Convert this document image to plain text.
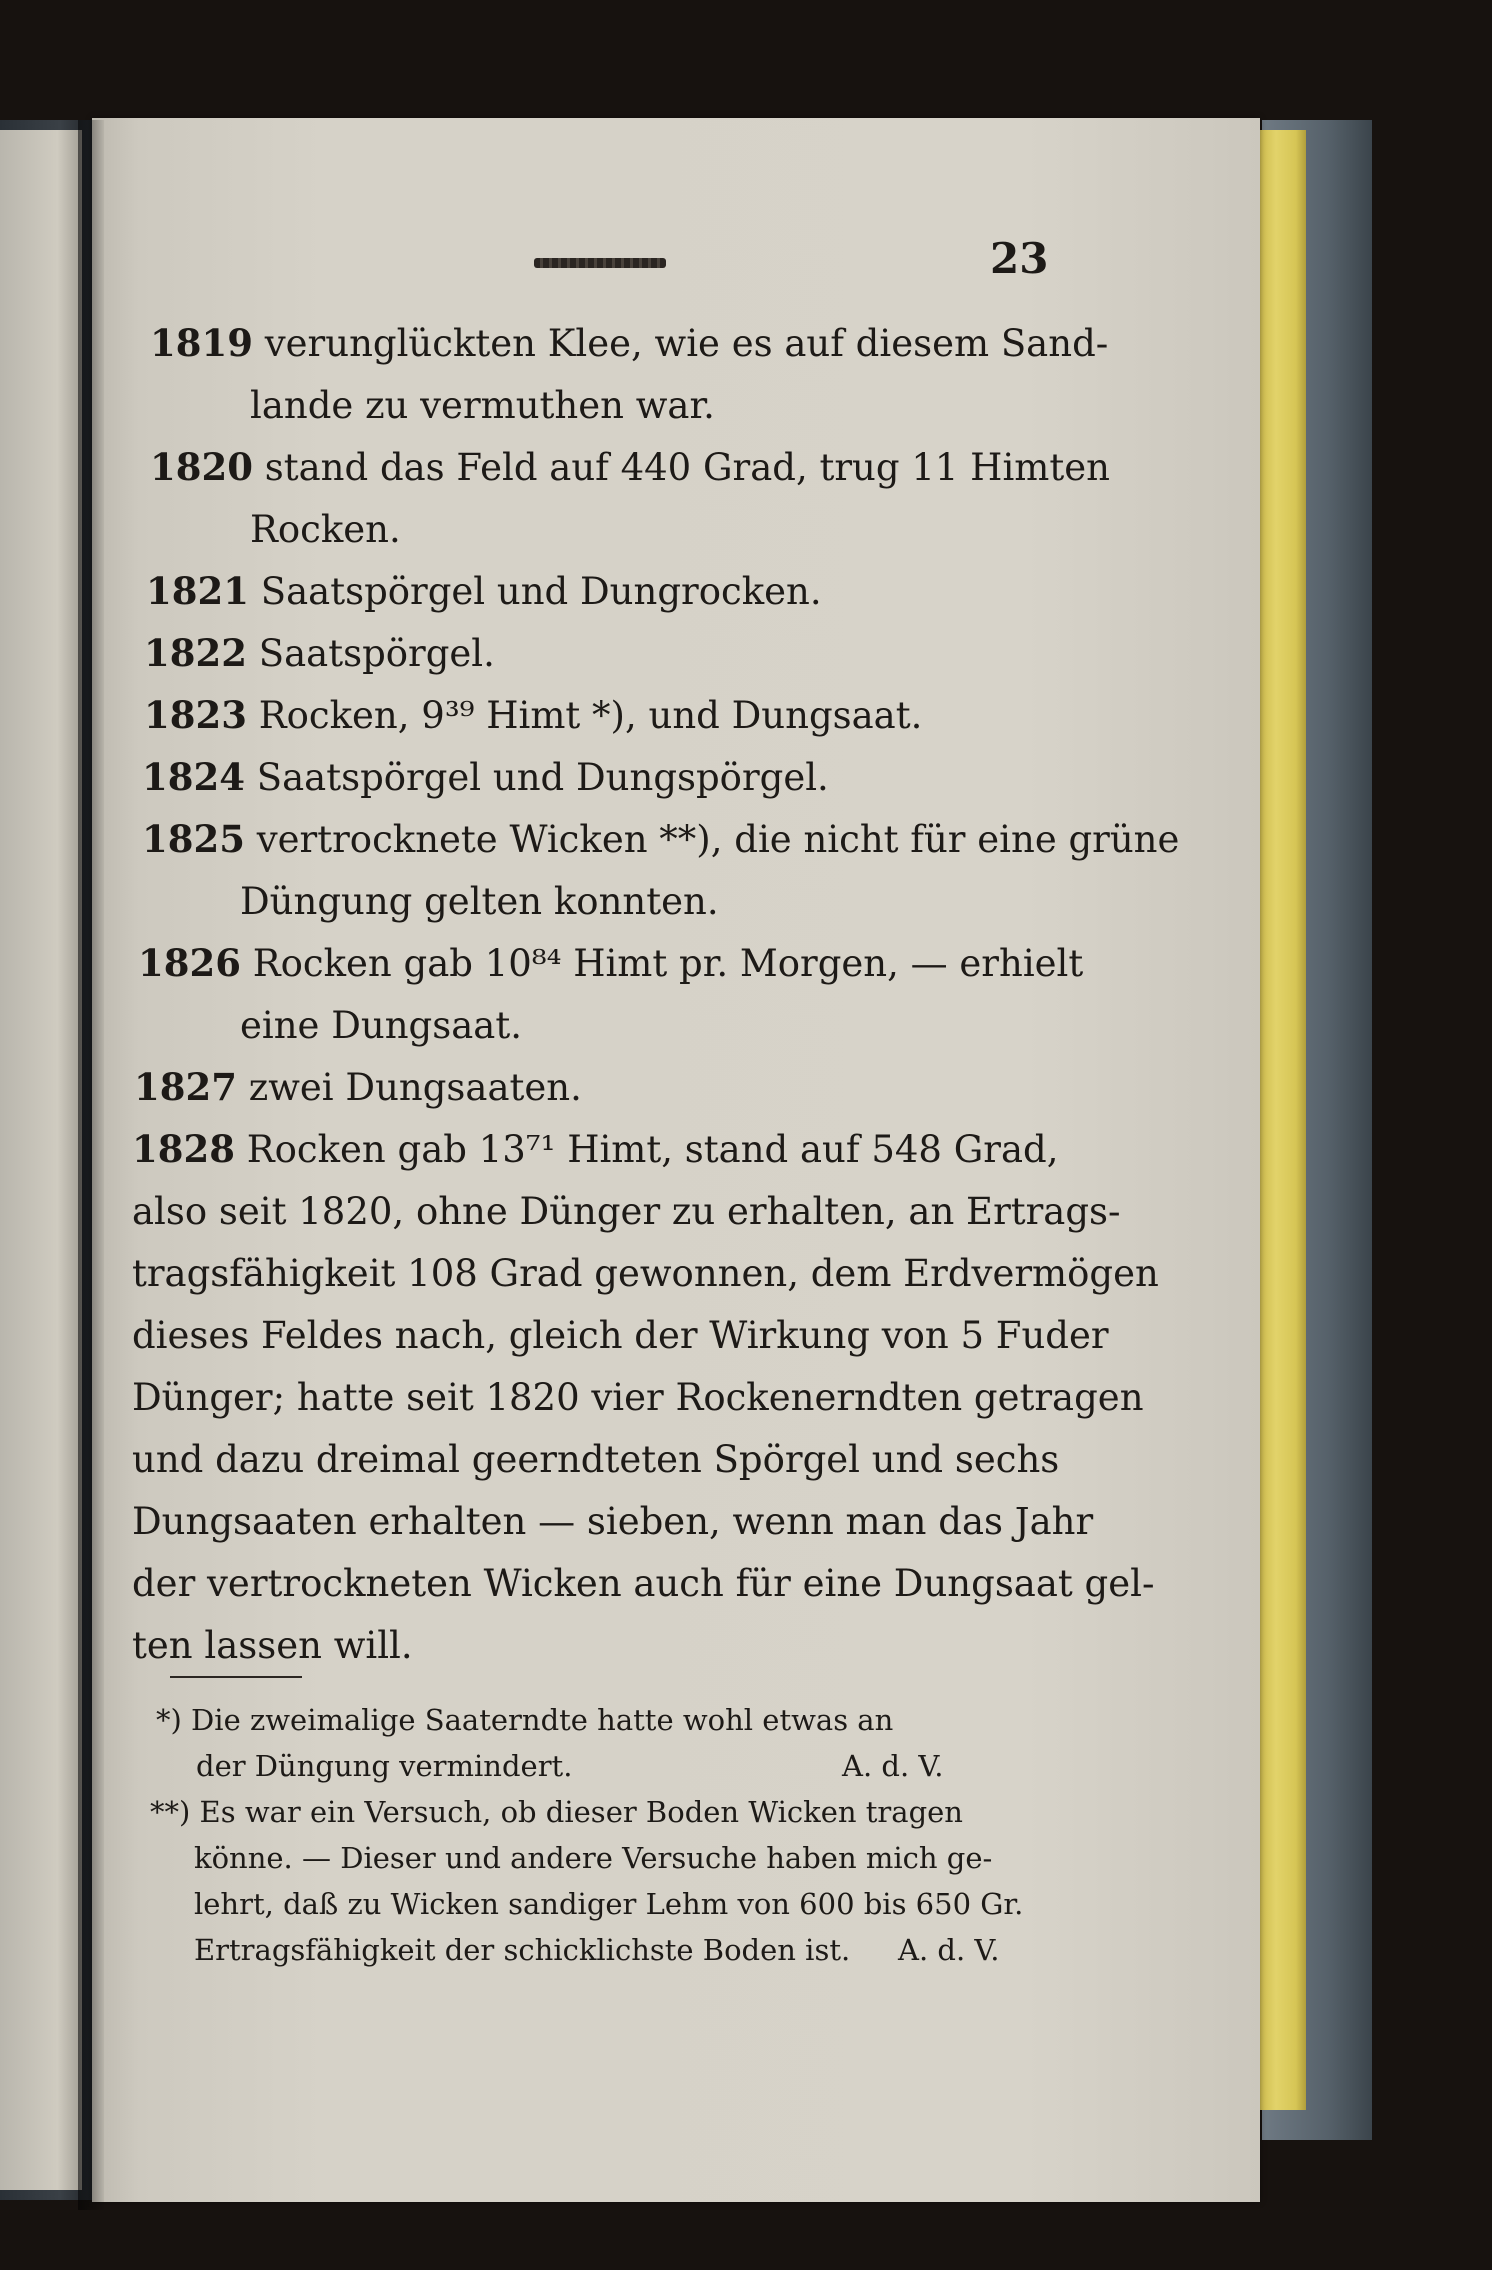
23
1819 verunglückten Klee, wie es auf diesem Sand-
lande zu vermuthen war.
1820 stand das Feld auf 440 Grad, trug 11 Himten
Rocken.
1821 Saatspörgel und Dungrocken.
1822 Saatspörgel.
1823 Rocken, 9³⁹ Himt *), und Dungsaat.
1824 Saatspörgel und Dungspörgel.
1825 vertrocknete Wicken **), die nicht für eine grüne
Düngung gelten konnten.
1826 Rocken gab 10⁸⁴ Himt pr. Morgen, — erhielt
eine Dungsaat.
1827 zwei Dungsaaten.
1828 Rocken gab 13⁷¹ Himt, stand auf 548 Grad,
also seit 1820, ohne Dünger zu erhalten, an Ertrags-
tragsfähigkeit 108 Grad gewonnen, dem Erdvermögen
dieses Feldes nach, gleich der Wirkung von 5 Fuder
Dünger; hatte seit 1820 vier Rockenerndten getragen
und dazu dreimal geerndteten Spörgel und sechs
Dungsaaten erhalten — sieben, wenn man das Jahr
der vertrockneten Wicken auch für eine Dungsaat gel-
ten lassen will.
*) Die zweimalige Saaterndte hatte wohl etwas an
der Düngung vermindert.	A. d. V.
**) Es war ein Versuch, ob dieser Boden Wicken tragen
könne. — Dieser und andere Versuche haben mich ge-
lehrt, daß zu Wicken sandiger Lehm von 600 bis 650 Gr.
Ertragsfähigkeit der schicklichste Boden ist. A. d. V.
